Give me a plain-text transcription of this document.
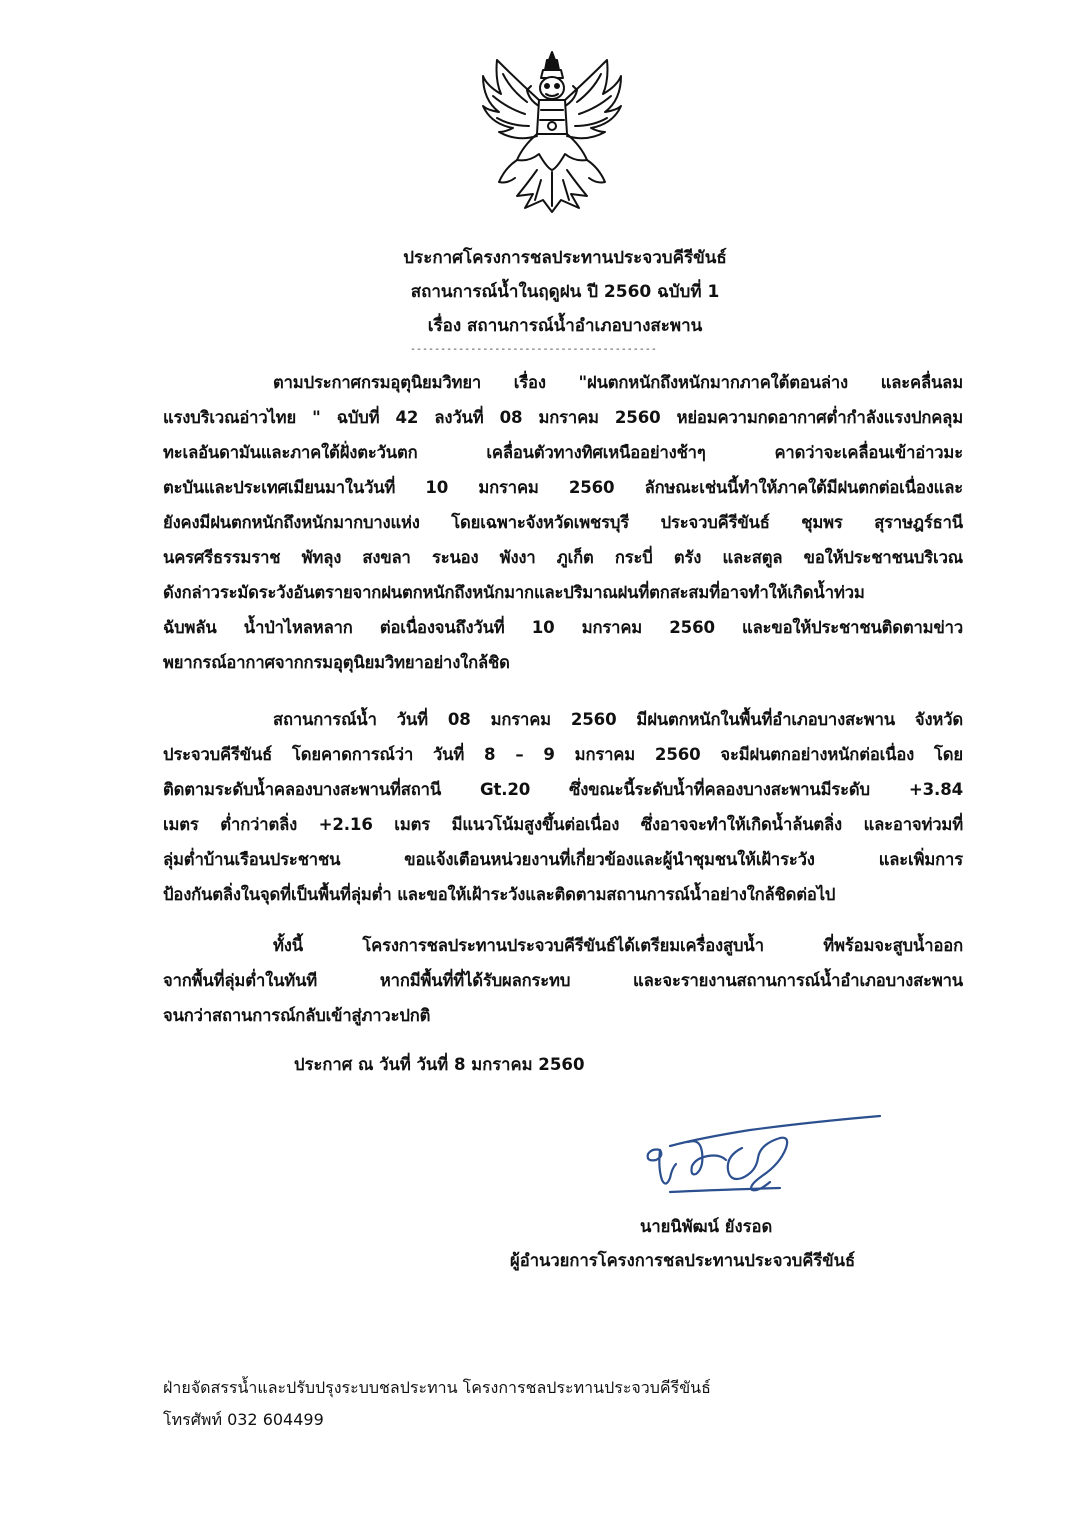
ประกาศโครงการชลประทานประจวบคีรีขันธ์
สถานการณ์น้ำในฤดูฝน ปี 2560 ฉบับที่ 1
เรื่อง สถานการณ์น้ำอำเภอบางสะพาน
-----------------------------------------
ตามประกาศกรมอุตุนิยมวิทยา เรื่อง "ฝนตกหนักถึงหนักมากภาคใต้ตอนล่าง และคลื่นลม
แรงบริเวณอ่าวไทย " ฉบับที่ 42 ลงวันที่ 08 มกราคม 2560 หย่อมความกดอากาศต่ำกำลังแรงปกคลุม
ทะเลอันดามันและภาคใต้ฝั่งตะวันตก เคลื่อนตัวทางทิศเหนืออย่างช้าๆ คาดว่าจะเคลื่อนเข้าอ่าวมะ
ตะบันและประเทศเมียนมาในวันที่ 10 มกราคม 2560 ลักษณะเช่นนี้ทำให้ภาคใต้มีฝนตกต่อเนื่องและ
ยังคงมีฝนตกหนักถึงหนักมากบางแห่ง โดยเฉพาะจังหวัดเพชรบุรี ประจวบคีรีขันธ์ ชุมพร สุราษฎร์ธานี
นครศรีธรรมราช พัทลุง สงขลา ระนอง พังงา ภูเก็ต กระบี่ ตรัง และสตูล ขอให้ประชาชนบริเวณ
ดังกล่าวระมัดระวังอันตรายจากฝนตกหนักถึงหนักมากและปริมาณฝนที่ตกสะสมที่อาจทำให้เกิดน้ำท่วม
ฉับพลัน น้ำป่าไหลหลาก ต่อเนื่องจนถึงวันที่ 10 มกราคม 2560 และขอให้ประชาชนติดตามข่าว
พยากรณ์อากาศจากกรมอุตุนิยมวิทยาอย่างใกล้ชิด
สถานการณ์น้ำ วันที่ 08 มกราคม 2560 มีฝนตกหนักในพื้นที่อำเภอบางสะพาน จังหวัด
ประจวบคีรีขันธ์ โดยคาดการณ์ว่า วันที่ 8 – 9 มกราคม 2560 จะมีฝนตกอย่างหนักต่อเนื่อง โดย
ติดตามระดับน้ำคลองบางสะพานที่สถานี Gt.20 ซึ่งขณะนี้ระดับน้ำที่คลองบางสะพานมีระดับ +3.84
เมตร ต่ำกว่าตลิ่ง +2.16 เมตร มีแนวโน้มสูงขึ้นต่อเนื่อง ซึ่งอาจจะทำให้เกิดน้ำล้นตลิ่ง และอาจท่วมที่
ลุ่มต่ำบ้านเรือนประชาชน ขอแจ้งเตือนหน่วยงานที่เกี่ยวข้องและผู้นำชุมชนให้เฝ้าระวัง และเพิ่มการ
ป้องกันตลิ่งในจุดที่เป็นพื้นที่ลุ่มต่ำ และขอให้เฝ้าระวังและติดตามสถานการณ์น้ำอย่างใกล้ชิดต่อไป
ทั้งนี้ โครงการชลประทานประจวบคีรีขันธ์ได้เตรียมเครื่องสูบน้ำ ที่พร้อมจะสูบน้ำออก
จากพื้นที่ลุ่มต่ำในทันที หากมีพื้นที่ที่ได้รับผลกระทบ และจะรายงานสถานการณ์น้ำอำเภอบางสะพาน
จนกว่าสถานการณ์กลับเข้าสู่ภาวะปกติ
ประกาศ ณ วันที่ วันที่ 8 มกราคม 2560
นายนิพัฒน์ ยังรอด
ผู้อำนวยการโครงการชลประทานประจวบคีรีขันธ์
ฝ่ายจัดสรรน้ำและปรับปรุงระบบชลประทาน โครงการชลประทานประจวบคีรีขันธ์
โทรศัพท์ 032 604499
